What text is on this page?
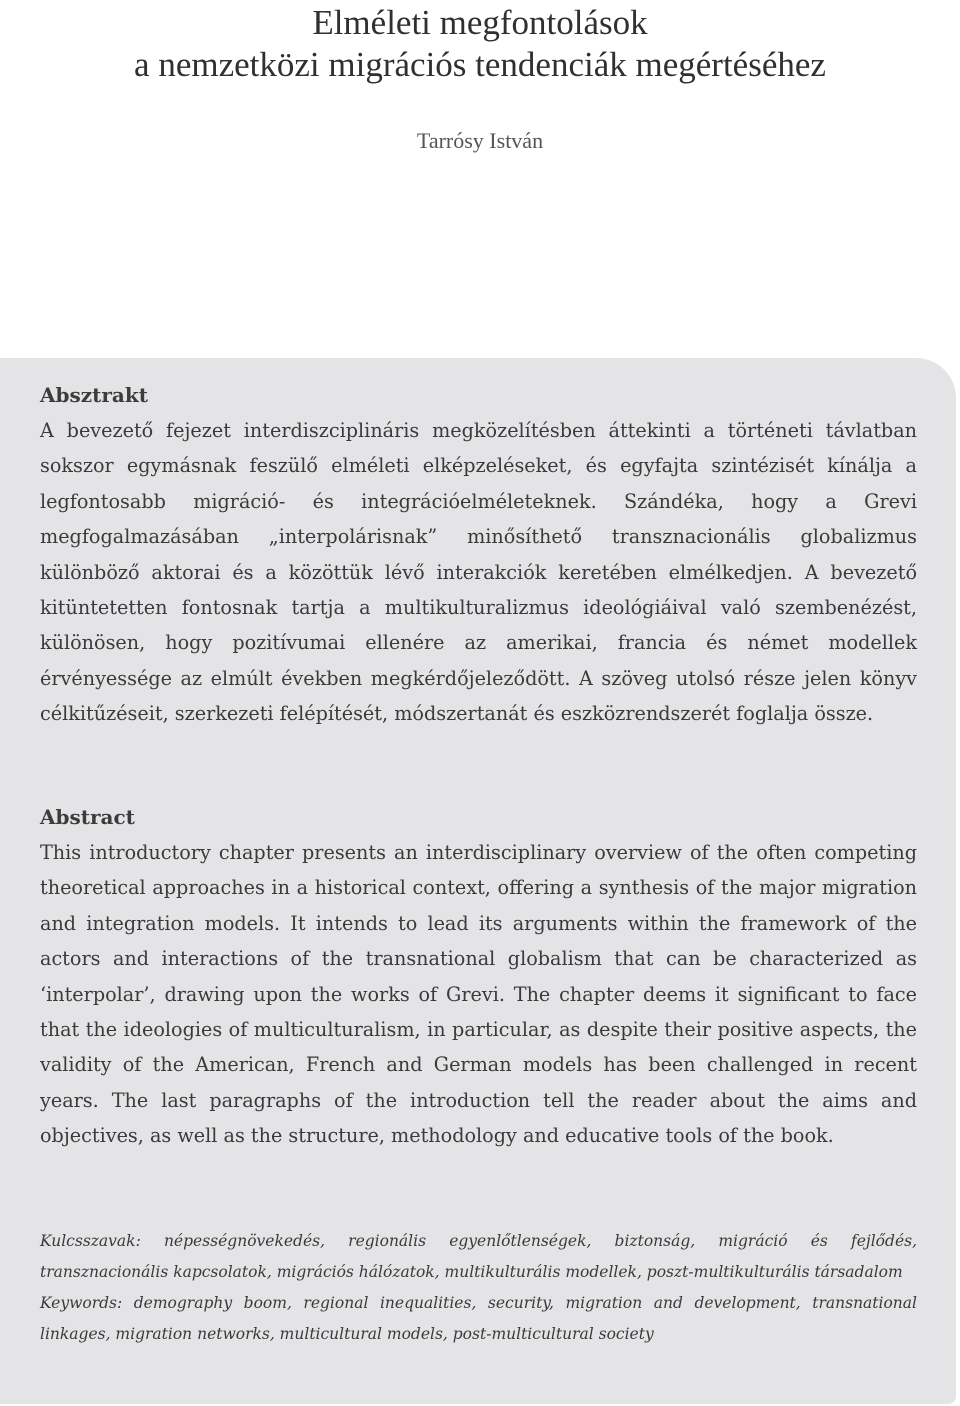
Elméleti megfontolások
a nemzetközi migrációs tendenciák megértéséhez
Tarrósy István
Absztrakt

A bevezető fejezet interdiszciplináris megközelítésben áttekinti a történeti távlatban sokszor egymásnak feszülő elméleti elképzeléseket, és egyfajta szintézisét kínálja a legfontosabb migráció- és integrációelméleteknek. Szándéka, hogy a Grevi megfogalmazásában „interpolárisnak” minősíthető transznacionális globalizmus különböző aktorai és a közöttük lévő interakciók keretében elmélkedjen. A bevezető kitüntetetten fontosnak tartja a multikulturalizmus ideológiáival való szembenézést, különösen, hogy pozitívumai ellenére az amerikai, francia és német modellek érvényessége az elmúlt években megkérdőjeleződött. A szöveg utolsó része jelen könyv célkitűzéseit, szerkezeti felépítését, módszertanát és eszközrendszerét foglalja össze.

Abstract

This introductory chapter presents an interdisciplinary overview of the often competing theoretical approaches in a historical context, offering a synthesis of the major migration and integration models. It intends to lead its arguments within the framework of the actors and interactions of the transnational globalism that can be characterized as ‘interpolar’, drawing upon the works of Grevi. The chapter deems it significant to face that the ideologies of multiculturalism, in particular, as despite their positive aspects, the validity of the American, French and German models has been challenged in recent years. The last paragraphs of the introduction tell the reader about the aims and objectives, as well as the structure, methodology and educative tools of the book.

Kulcsszavak: népességnövekedés, regionális egyenlőtlenségek, biztonság, migráció és fejlődés, transznacionális kapcsolatok, migrációs hálózatok, multikulturális modellek, poszt-multikulturális társadalom

Keywords: demography boom, regional inequalities, security, migration and development, transnational linkages, migration networks, multicultural models, post-multicultural society
